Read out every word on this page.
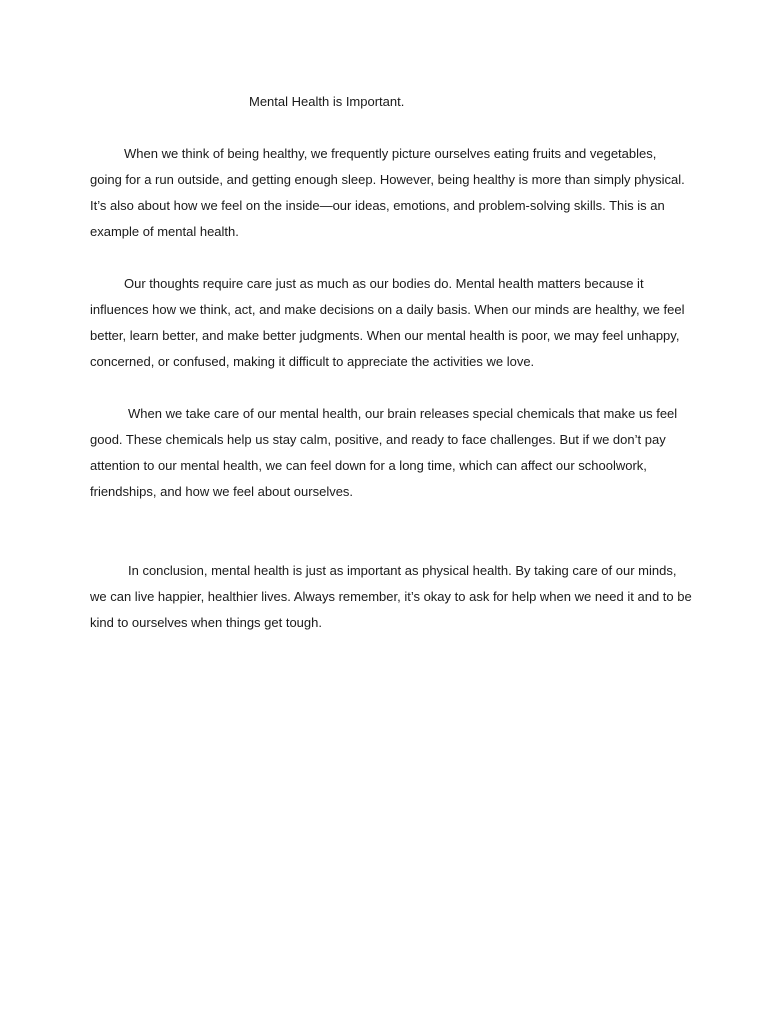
Mental Health is Important.
When we think of being healthy, we frequently picture ourselves eating fruits and vegetables,
going for a run outside, and getting enough sleep. However, being healthy is more than simply physical.
It’s also about how we feel on the inside—our ideas, emotions, and problem-solving skills. This is an
example of mental health.
Our thoughts require care just as much as our bodies do. Mental health matters because it
influences how we think, act, and make decisions on a daily basis. When our minds are healthy, we feel
better, learn better, and make better judgments. When our mental health is poor, we may feel unhappy,
concerned, or confused, making it difficult to appreciate the activities we love.
When we take care of our mental health, our brain releases special chemicals that make us feel
good. These chemicals help us stay calm, positive, and ready to face challenges. But if we don’t pay
attention to our mental health, we can feel down for a long time, which can affect our schoolwork,
friendships, and how we feel about ourselves.
In conclusion, mental health is just as important as physical health. By taking care of our minds,
we can live happier, healthier lives. Always remember, it’s okay to ask for help when we need it and to be
kind to ourselves when things get tough.
